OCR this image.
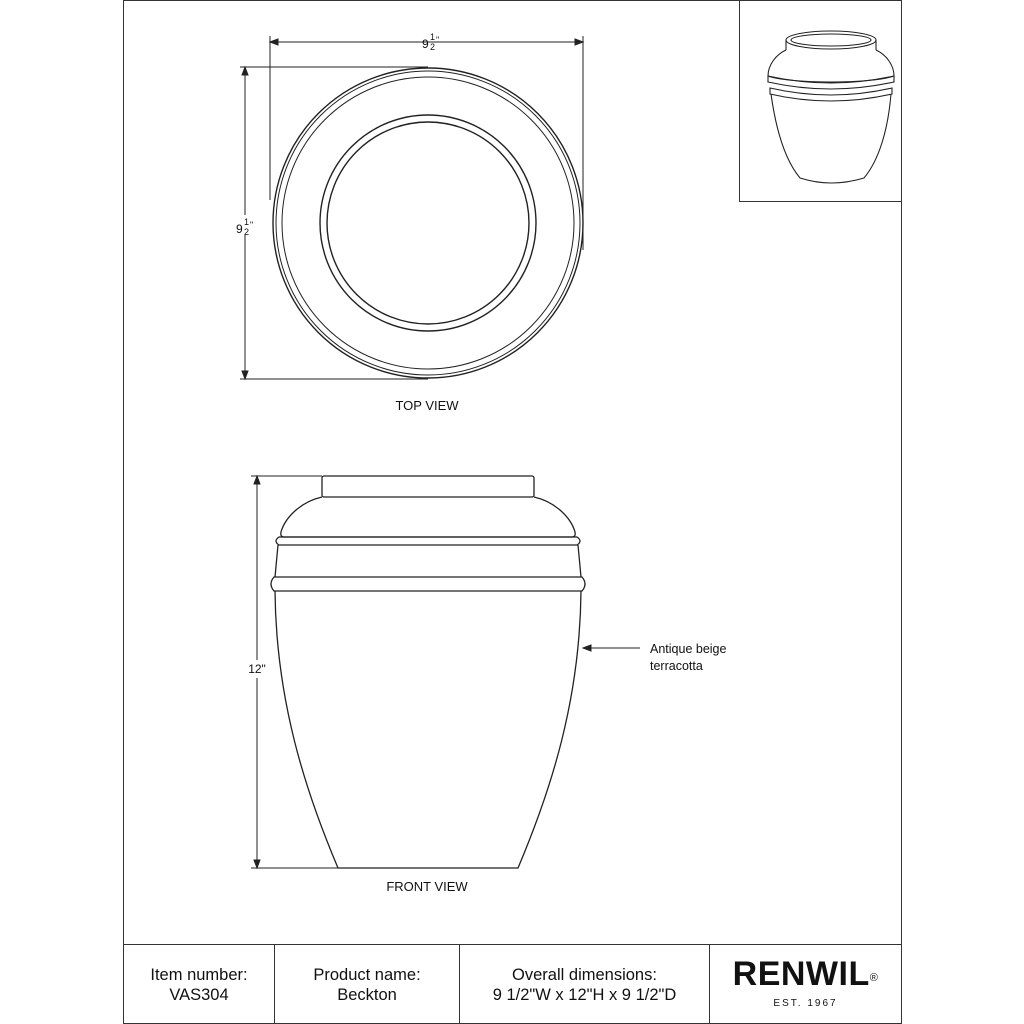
9 1
2
"
9 1
2
"
TOP VIEW
12"
Antique beige
terracotta
FRONT VIEW
Item number:
VAS304
Product name:
Beckton
Overall dimensions:
9 1/2"W x 12"H x 9 1/2"D
RENWIL®
EST. 1967
